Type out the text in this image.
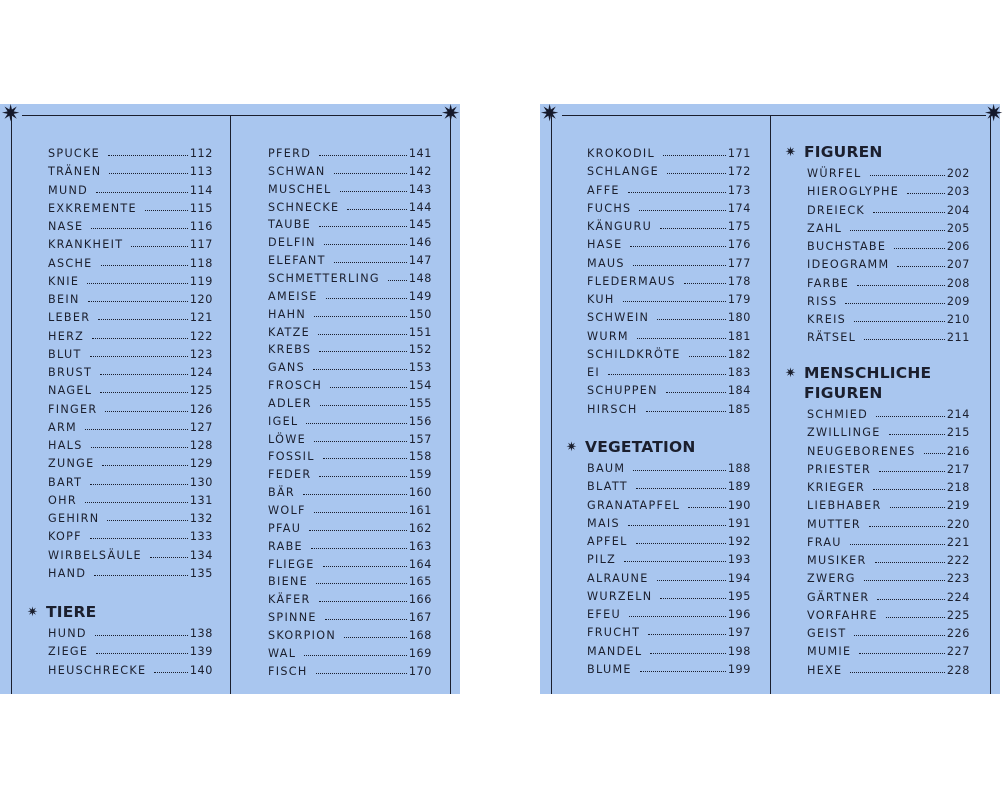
✷	✷
SPUCKE	112
TRÄNEN	113
MUND	114
EXKREMENTE	115
NASE	116
KRANKHEIT	117
ASCHE	118
KNIE	119
BEIN	120
LEBER	121
HERZ	122
BLUT	123
BRUST	124
NAGEL	125
FINGER	126
ARM	127
HALS	128
ZUNGE	129
BART	130
OHR	131
GEHIRN	132
KOPF	133
WIRBELSÄULE	134
HAND	135
✷ TIERE
HUND	138
ZIEGE	139
HEUSCHRECKE	140
PFERD	141
SCHWAN	142
MUSCHEL	143
SCHNECKE	144
TAUBE	145
DELFIN	146
ELEFANT	147
SCHMETTERLING	148
AMEISE	149
HAHN	150
KATZE	151
KREBS	152
GANS	153
FROSCH	154
ADLER	155
IGEL	156
LÖWE	157
FOSSIL	158
FEDER	159
BÄR	160
WOLF	161
PFAU	162
RABE	163
FLIEGE	164
BIENE	165
KÄFER	166
SPINNE	167
SKORPION	168
WAL	169
FISCH	170
✷	✷
KROKODIL	171
SCHLANGE	172
AFFE	173
FUCHS	174
KÄNGURU	175
HASE	176
MAUS	177
FLEDERMAUS	178
KUH	179
SCHWEIN	180
WURM	181
SCHILDKRÖTE	182
EI	183
SCHUPPEN	184
HIRSCH	185
✷ VEGETATION
BAUM	188
BLATT	189
GRANATAPFEL	190
MAIS	191
APFEL	192
PILZ	193
ALRAUNE	194
WURZELN	195
EFEU	196
FRUCHT	197
MANDEL	198
BLUME	199
✷ FIGUREN
WÜRFEL	202
HIEROGLYPHE	203
DREIECK	204
ZAHL	205
BUCHSTABE	206
IDEOGRAMM	207
FARBE	208
RISS	209
KREIS	210
RÄTSEL	211
✷ MENSCHLICHE
FIGUREN
SCHMIED	214
ZWILLINGE	215
NEUGEBORENES	216
PRIESTER	217
KRIEGER	218
LIEBHABER	219
MUTTER	220
FRAU	221
MUSIKER	222
ZWERG	223
GÄRTNER	224
VORFAHRE	225
GEIST	226
MUMIE	227
HEXE	228
